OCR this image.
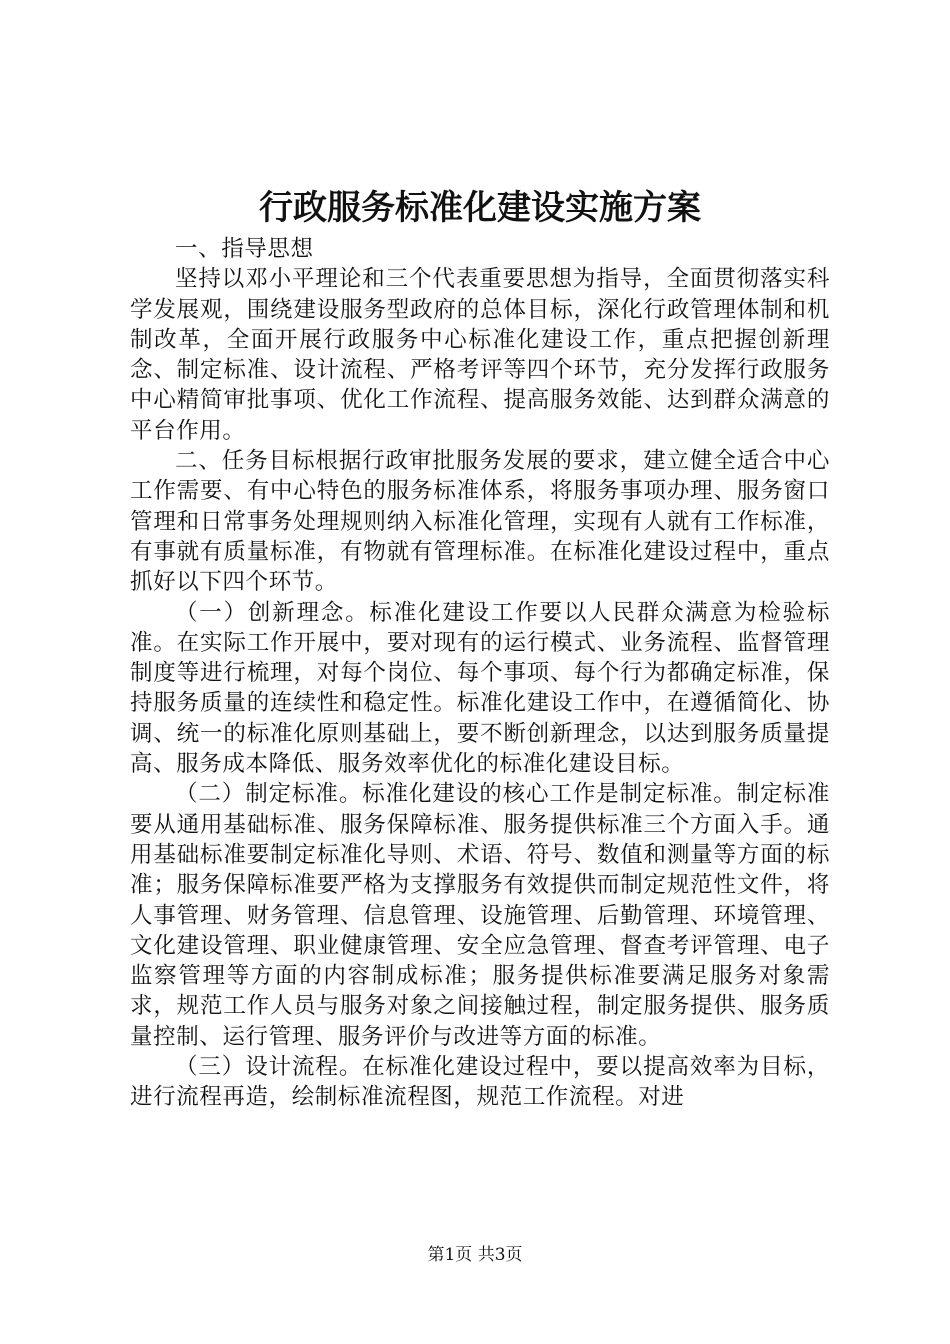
行政服务标准化建设实施方案

一、指导思想

坚持以邓小平理论和三个代表重要思想为指导，全面贯彻落实科学发展观，围绕建设服务型政府的总体目标，深化行政管理体制和机制改革，全面开展行政服务中心标准化建设工作，重点把握创新理念、制定标准、设计流程、严格考评等四个环节，充分发挥行政服务中心精简审批事项、优化工作流程、提高服务效能、达到群众满意的平台作用。

二、任务目标根据行政审批服务发展的要求，建立健全适合中心工作需要、有中心特色的服务标准体系，将服务事项办理、服务窗口管理和日常事务处理规则纳入标准化管理，实现有人就有工作标准，有事就有质量标准，有物就有管理标准。在标准化建设过程中，重点抓好以下四个环节。

（一）创新理念。标准化建设工作要以人民群众满意为检验标准。在实际工作开展中，要对现有的运行模式、业务流程、监督管理制度等进行梳理，对每个岗位、每个事项、每个行为都确定标准，保持服务质量的连续性和稳定性。标准化建设工作中，在遵循简化、协调、统一的标准化原则基础上，要不断创新理念，以达到服务质量提高、服务成本降低、服务效率优化的标准化建设目标。

（二）制定标准。标准化建设的核心工作是制定标准。制定标准要从通用基础标准、服务保障标准、服务提供标准三个方面入手。通用基础标准要制定标准化导则、术语、符号、数值和测量等方面的标准；服务保障标准要严格为支撑服务有效提供而制定规范性文件，将人事管理、财务管理、信息管理、设施管理、后勤管理、环境管理、文化建设管理、职业健康管理、安全应急管理、督查考评管理、电子监察管理等方面的内容制成标准；服务提供标准要满足服务对象需求，规范工作人员与服务对象之间接触过程，制定服务提供、服务质量控制、运行管理、服务评价与改进等方面的标准。

（三）设计流程。在标准化建设过程中，要以提高效率为目标，进行流程再造，绘制标准流程图，规范工作流程。对进

第1页 共3页
